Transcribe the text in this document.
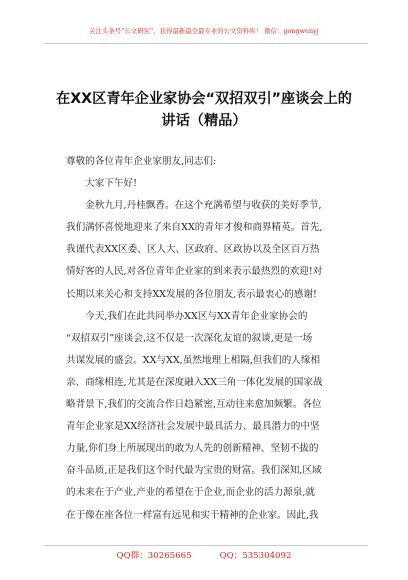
关注头条号“公文研究”，获得最新最全最专业的公文资料库！ 微信：gongwenyj
在XX区青年企业家协会“双招双引”座谈会上的
讲话（精品）
尊敬的各位青年企业家朋友,同志们:
　　大家下午好!
　　金秋九月,丹桂飘香。在这个充满希望与收获的美好季节,
我们满怀喜悦地迎来了来自XX的青年才俊和商界精英。首先,
我谨代表XX区委、区人大、区政府、区政协以及全区百万热
情好客的人民,对各位青年企业家的到来表示最热烈的欢迎!对
长期以来关心和支持XX发展的各位朋友,表示最衷心的感谢!
　　今天,我们在此共同举办XX区与XX青年企业家协会的
“双招双引”座谈会,这不仅是一次深化友谊的叙谈,更是一场
共谋发展的盛会。XX与XX,虽然地理上相隔,但我们的人缘相
亲、商缘相连,尤其是在深度融入XX三角一体化发展的国家战
略背景下,我们的交流合作日趋紧密,互动往来愈加频繁。各位
青年企业家是XX经济社会发展中最具活力、最具潜力的中坚
力量,你们身上所展现出的敢为人先的创新精神、坚韧不拔的
奋斗品质,正是我们这个时代最为宝贵的财富。我们深知,区域
的未来在于产业,产业的希望在于企业,而企业的活力源泉,就
在于像在座各位一样富有远见和实干精神的企业家。因此,我
QQ群：30265665	QQ：535304092
